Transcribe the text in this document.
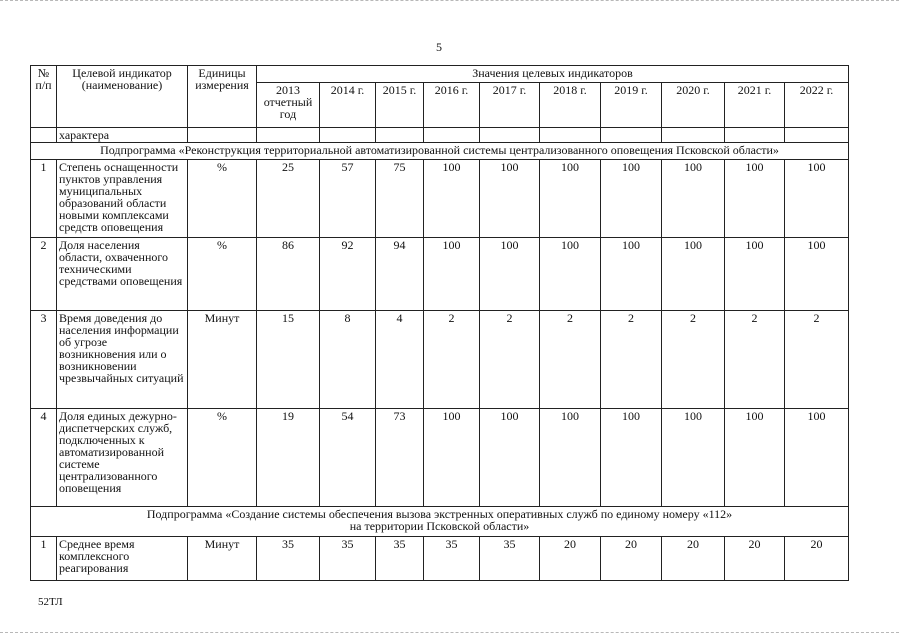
5
№ п/п	Целевой индикатор (наименование)	Единицы измерения	Значения целевых индикаторов									
			2013 отчетный год	2014 г.	2015 г.	2016 г.	2017 г.	2018 г.	2019 г.	2020 г.	2021 г.	2022 г.
	характера											
Подпрограмма «Реконструкция территориальной автоматизированной системы централизованного оповещения Псковской области»												
1	Степень оснащенности пунктов управления муниципальных образований области новыми комплексами средств оповещения	%	25	57	75	100	100	100	100	100	100	100
2	Доля населения области, охваченного техническими средствами оповещения	%	86	92	94	100	100	100	100	100	100	100
3	Время доведения до населения информации об угрозе возникновения или о возникновении чрезвычайных ситуаций	Минут	15	8	4	2	2	2	2	2	2	2
4	Доля единых дежурно-диспетчерских служб, подключенных к автоматизированной системе централизованного оповещения	%	19	54	73	100	100	100	100	100	100	100
Подпрограмма «Создание системы обеспечения вызова экстренных оперативных служб по единому номеру «112»
на территории Псковской области»												
1	Среднее время комплексного реагирования	Минут	35	35	35	35	35	20	20	20	20	20
52ТЛ
